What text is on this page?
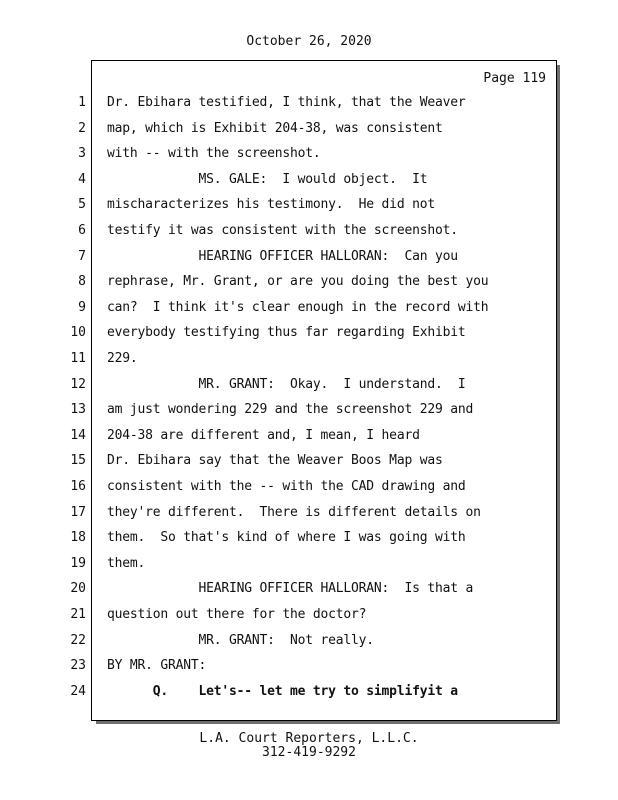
October 26, 2020
Page 119
1 Dr. Ebihara testified, I think, that the Weaver
2 map, which is Exhibit 204-38, was consistent
3 with -- with the screenshot.
4 MS. GALE:  I would object.  It
5 mischaracterizes his testimony.  He did not
6 testify it was consistent with the screenshot.
7 HEARING OFFICER HALLORAN:  Can you
8 rephrase, Mr. Grant, or are you doing the best you
9 can?  I think it's clear enough in the record with
10 everybody testifying thus far regarding Exhibit
11 229.
12 MR. GRANT:  Okay.  I understand.  I
13 am just wondering 229 and the screenshot 229 and
14 204-38 are different and, I mean, I heard
15 Dr. Ebihara say that the Weaver Boos Map was
16 consistent with the -- with the CAD drawing and
17 they're different.  There is different details on
18 them.  So that's kind of where I was going with
19 them.
20 HEARING OFFICER HALLORAN:  Is that a
21 question out there for the doctor?
22 MR. GRANT:  Not really.
23 BY MR. GRANT:
24 Q.    Let's-- let me try to simplifyit a
L.A. Court Reporters, L.L.C.
312-419-9292
